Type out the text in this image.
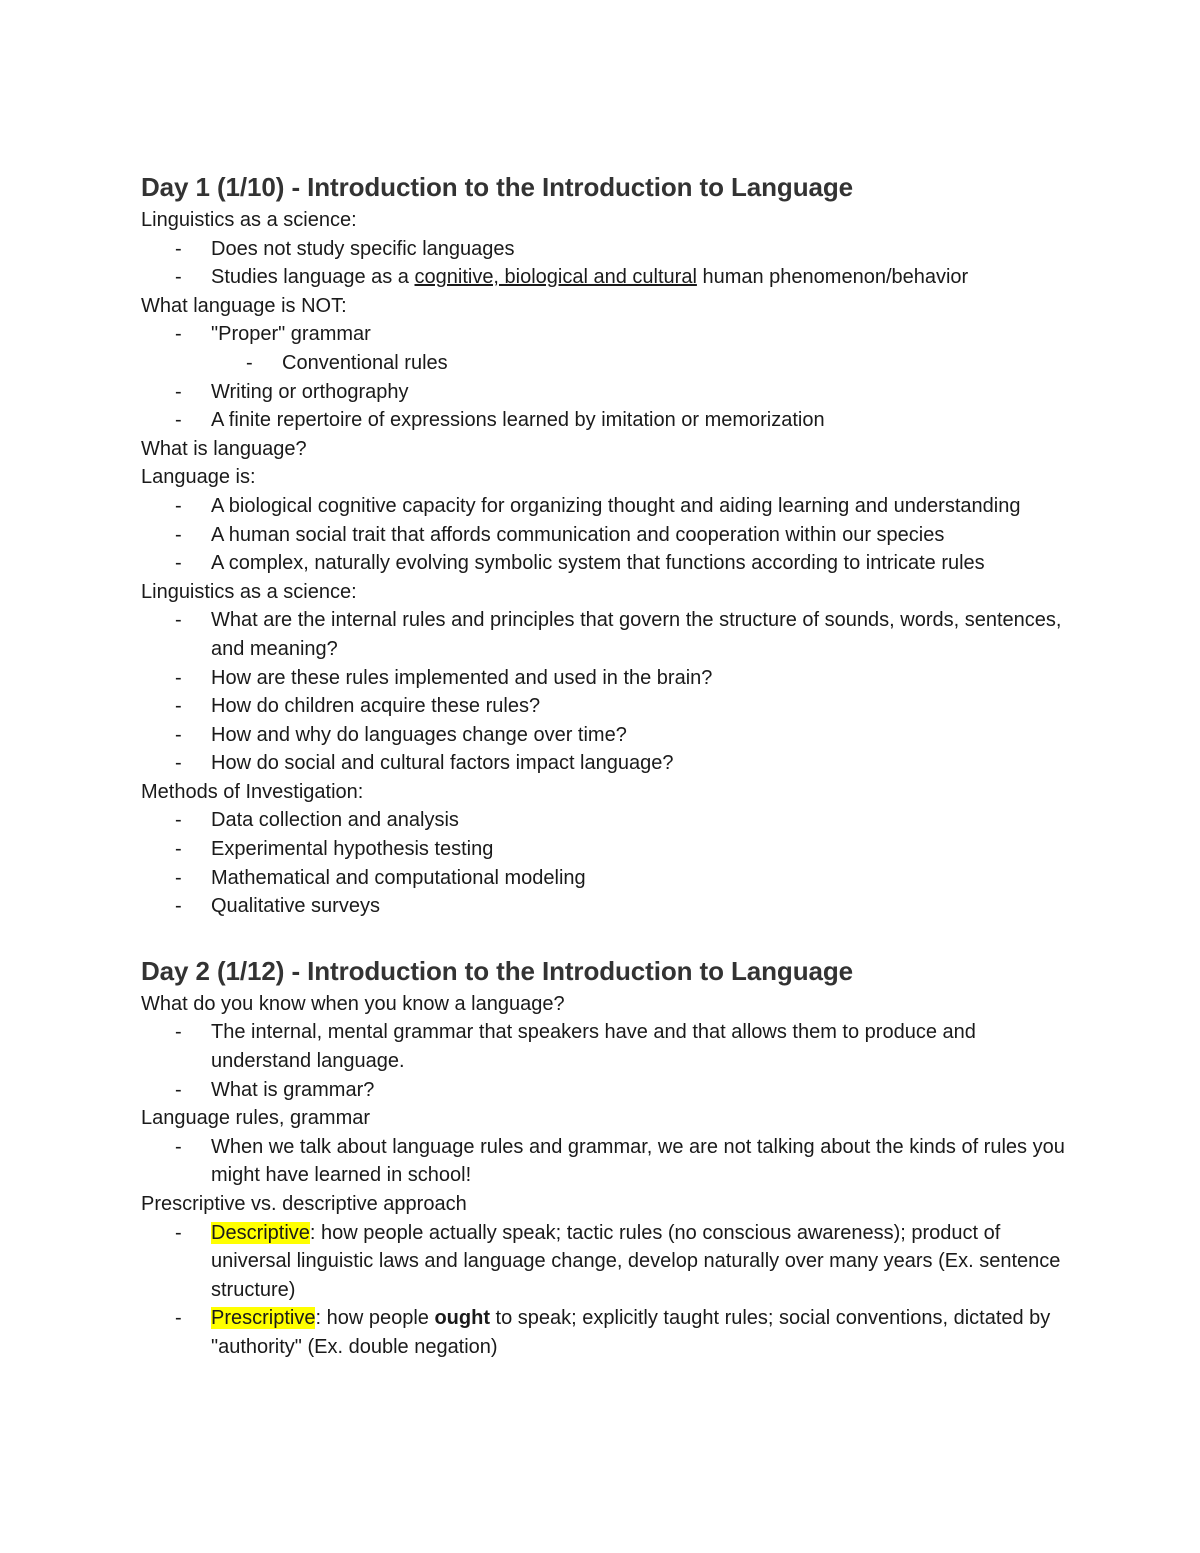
Day 1 (1/10) - Introduction to the Introduction to Language

Linguistics as a science:

- Does not study specific languages

- Studies language as a cognitive, biological and cultural human phenomenon/behavior

What language is NOT:

- "Proper" grammar

- Conventional rules

- Writing or orthography

- A finite repertoire of expressions learned by imitation or memorization

What is language?

Language is:

- A biological cognitive capacity for organizing thought and aiding learning and understanding

- A human social trait that affords communication and cooperation within our species

- A complex, naturally evolving symbolic system that functions according to intricate rules

Linguistics as a science:

- What are the internal rules and principles that govern the structure of sounds, words, sentences, and meaning?

- How are these rules implemented and used in the brain?

- How do children acquire these rules?

- How and why do languages change over time?

- How do social and cultural factors impact language?

Methods of Investigation:

- Data collection and analysis

- Experimental hypothesis testing

- Mathematical and computational modeling

- Qualitative surveys

Day 2 (1/12) - Introduction to the Introduction to Language

What do you know when you know a language?

- The internal, mental grammar that speakers have and that allows them to produce and understand language.

- What is grammar?

Language rules, grammar

- When we talk about language rules and grammar, we are not talking about the kinds of rules you might have learned in school!

Prescriptive vs. descriptive approach

- Descriptive: how people actually speak; tactic rules (no conscious awareness); product of universal linguistic laws and language change, develop naturally over many years (Ex. sentence structure)

- Prescriptive: how people ought to speak; explicitly taught rules; social conventions, dictated by "authority" (Ex. double negation)
